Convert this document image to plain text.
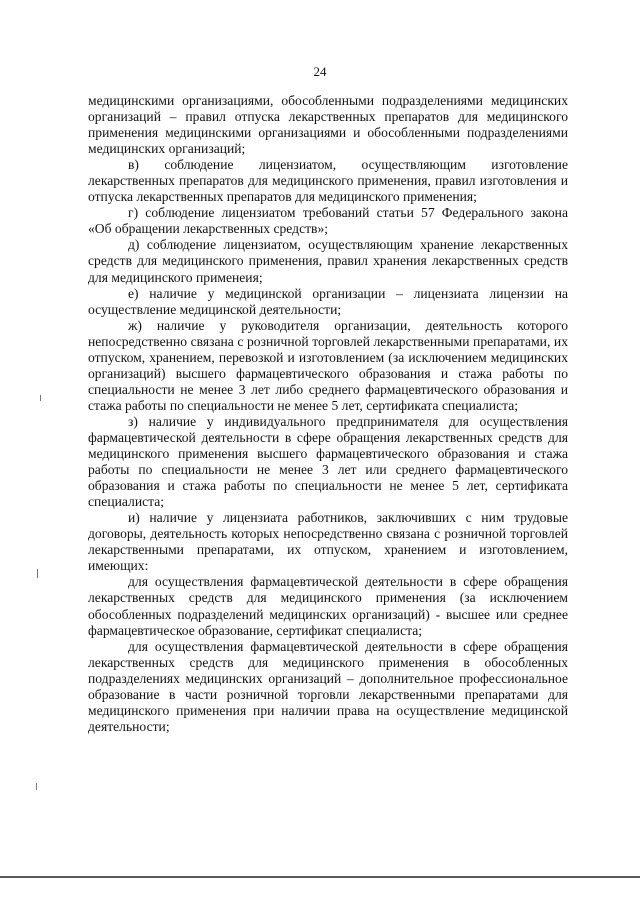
24

медицинскими организациями, обособленными подразделениями медицинских организаций – правил отпуска лекарственных препаратов для медицинского применения медицинскими организациями и обособленными подразделениями медицинских организаций;

в) соблюдение лицензиатом, осуществляющим изготовление лекарственных препаратов для медицинского применения, правил изготовления и отпуска лекарственных препаратов для медицинского применения;

г) соблюдение лицензиатом требований статьи 57 Федерального закона «Об обращении лекарственных средств»;

д) соблюдение лицензиатом, осуществляющим хранение лекарственных средств для медицинского применения, правил хранения лекарственных средств для медицинского применеия;

е) наличие у медицинской организации – лицензиата лицензии на осуществление медицинской деятельности;

ж) наличие у руководителя организации, деятельность которого непосредственно связана с розничной торговлей лекарственными препаратами, их отпуском, хранением, перевозкой и изготовлением (за исключением медицинских организаций) высшего фармацевтического образования и стажа работы по специальности не менее 3 лет либо среднего фармацевтического образования и стажа работы по специальности не менее 5 лет, сертификата специалиста;

з) наличие у индивидуального предпринимателя для осуществления фармацевтической деятельности в сфере обращения лекарственных средств для медицинского применения высшего фармацевтического образования и стажа работы по специальности не менее 3 лет или среднего фармацевтического образования и стажа работы по специальности не менее 5 лет, сертификата специалиста;

и) наличие у лицензиата работников, заключивших с ним трудовые договоры, деятельность которых непосредственно связана с розничной торговлей лекарственными препаратами, их отпуском, хранением и изготовлением, имеющих:

для осуществления фармацевтической деятельности в сфере обращения лекарственных средств для медицинского применения (за исключением обособленных подразделений медицинских организаций) - высшее или среднее фармацевтическое образование, сертификат специалиста;

для осуществления фармацевтической деятельности в сфере обращения лекарственных средств для медицинского применения в обособленных подразделениях медицинских организаций – дополнительное профессиональное образование в части розничной торговли лекарственными препаратами для медицинского применения при наличии права на осуществление медицинской деятельности;
